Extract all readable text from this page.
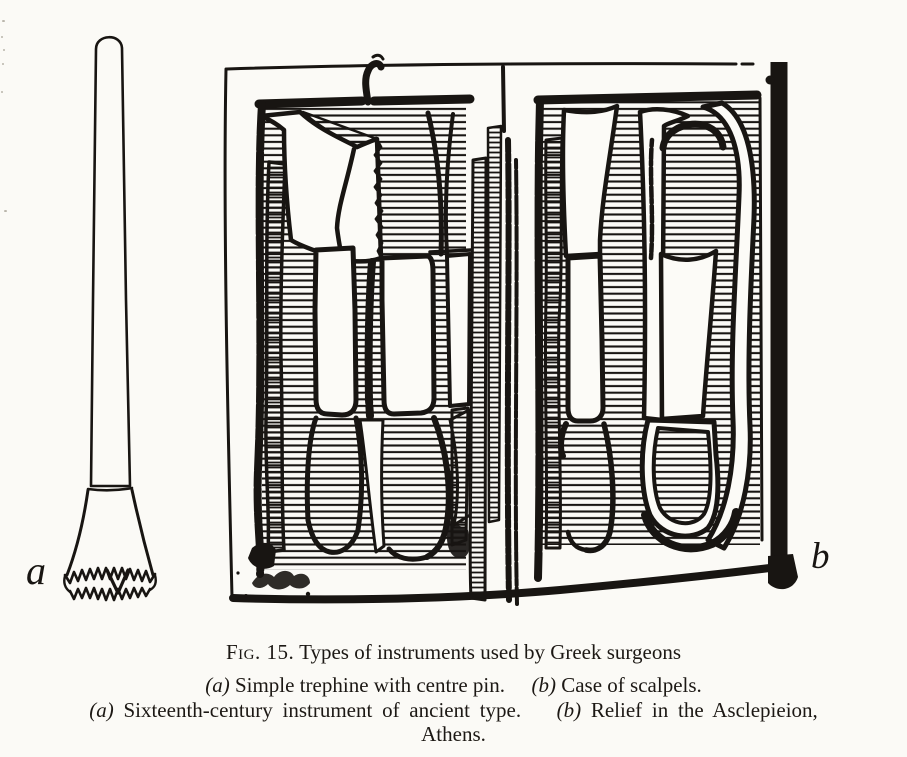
a	b
Fig. 15. Types of instruments used by Greek surgeons
(a) Simple trephine with centre pin. (b) Case of scalpels.
(a) Sixteenth-century instrument of ancient type. (b) Relief in the Asclepieion,
Athens.
